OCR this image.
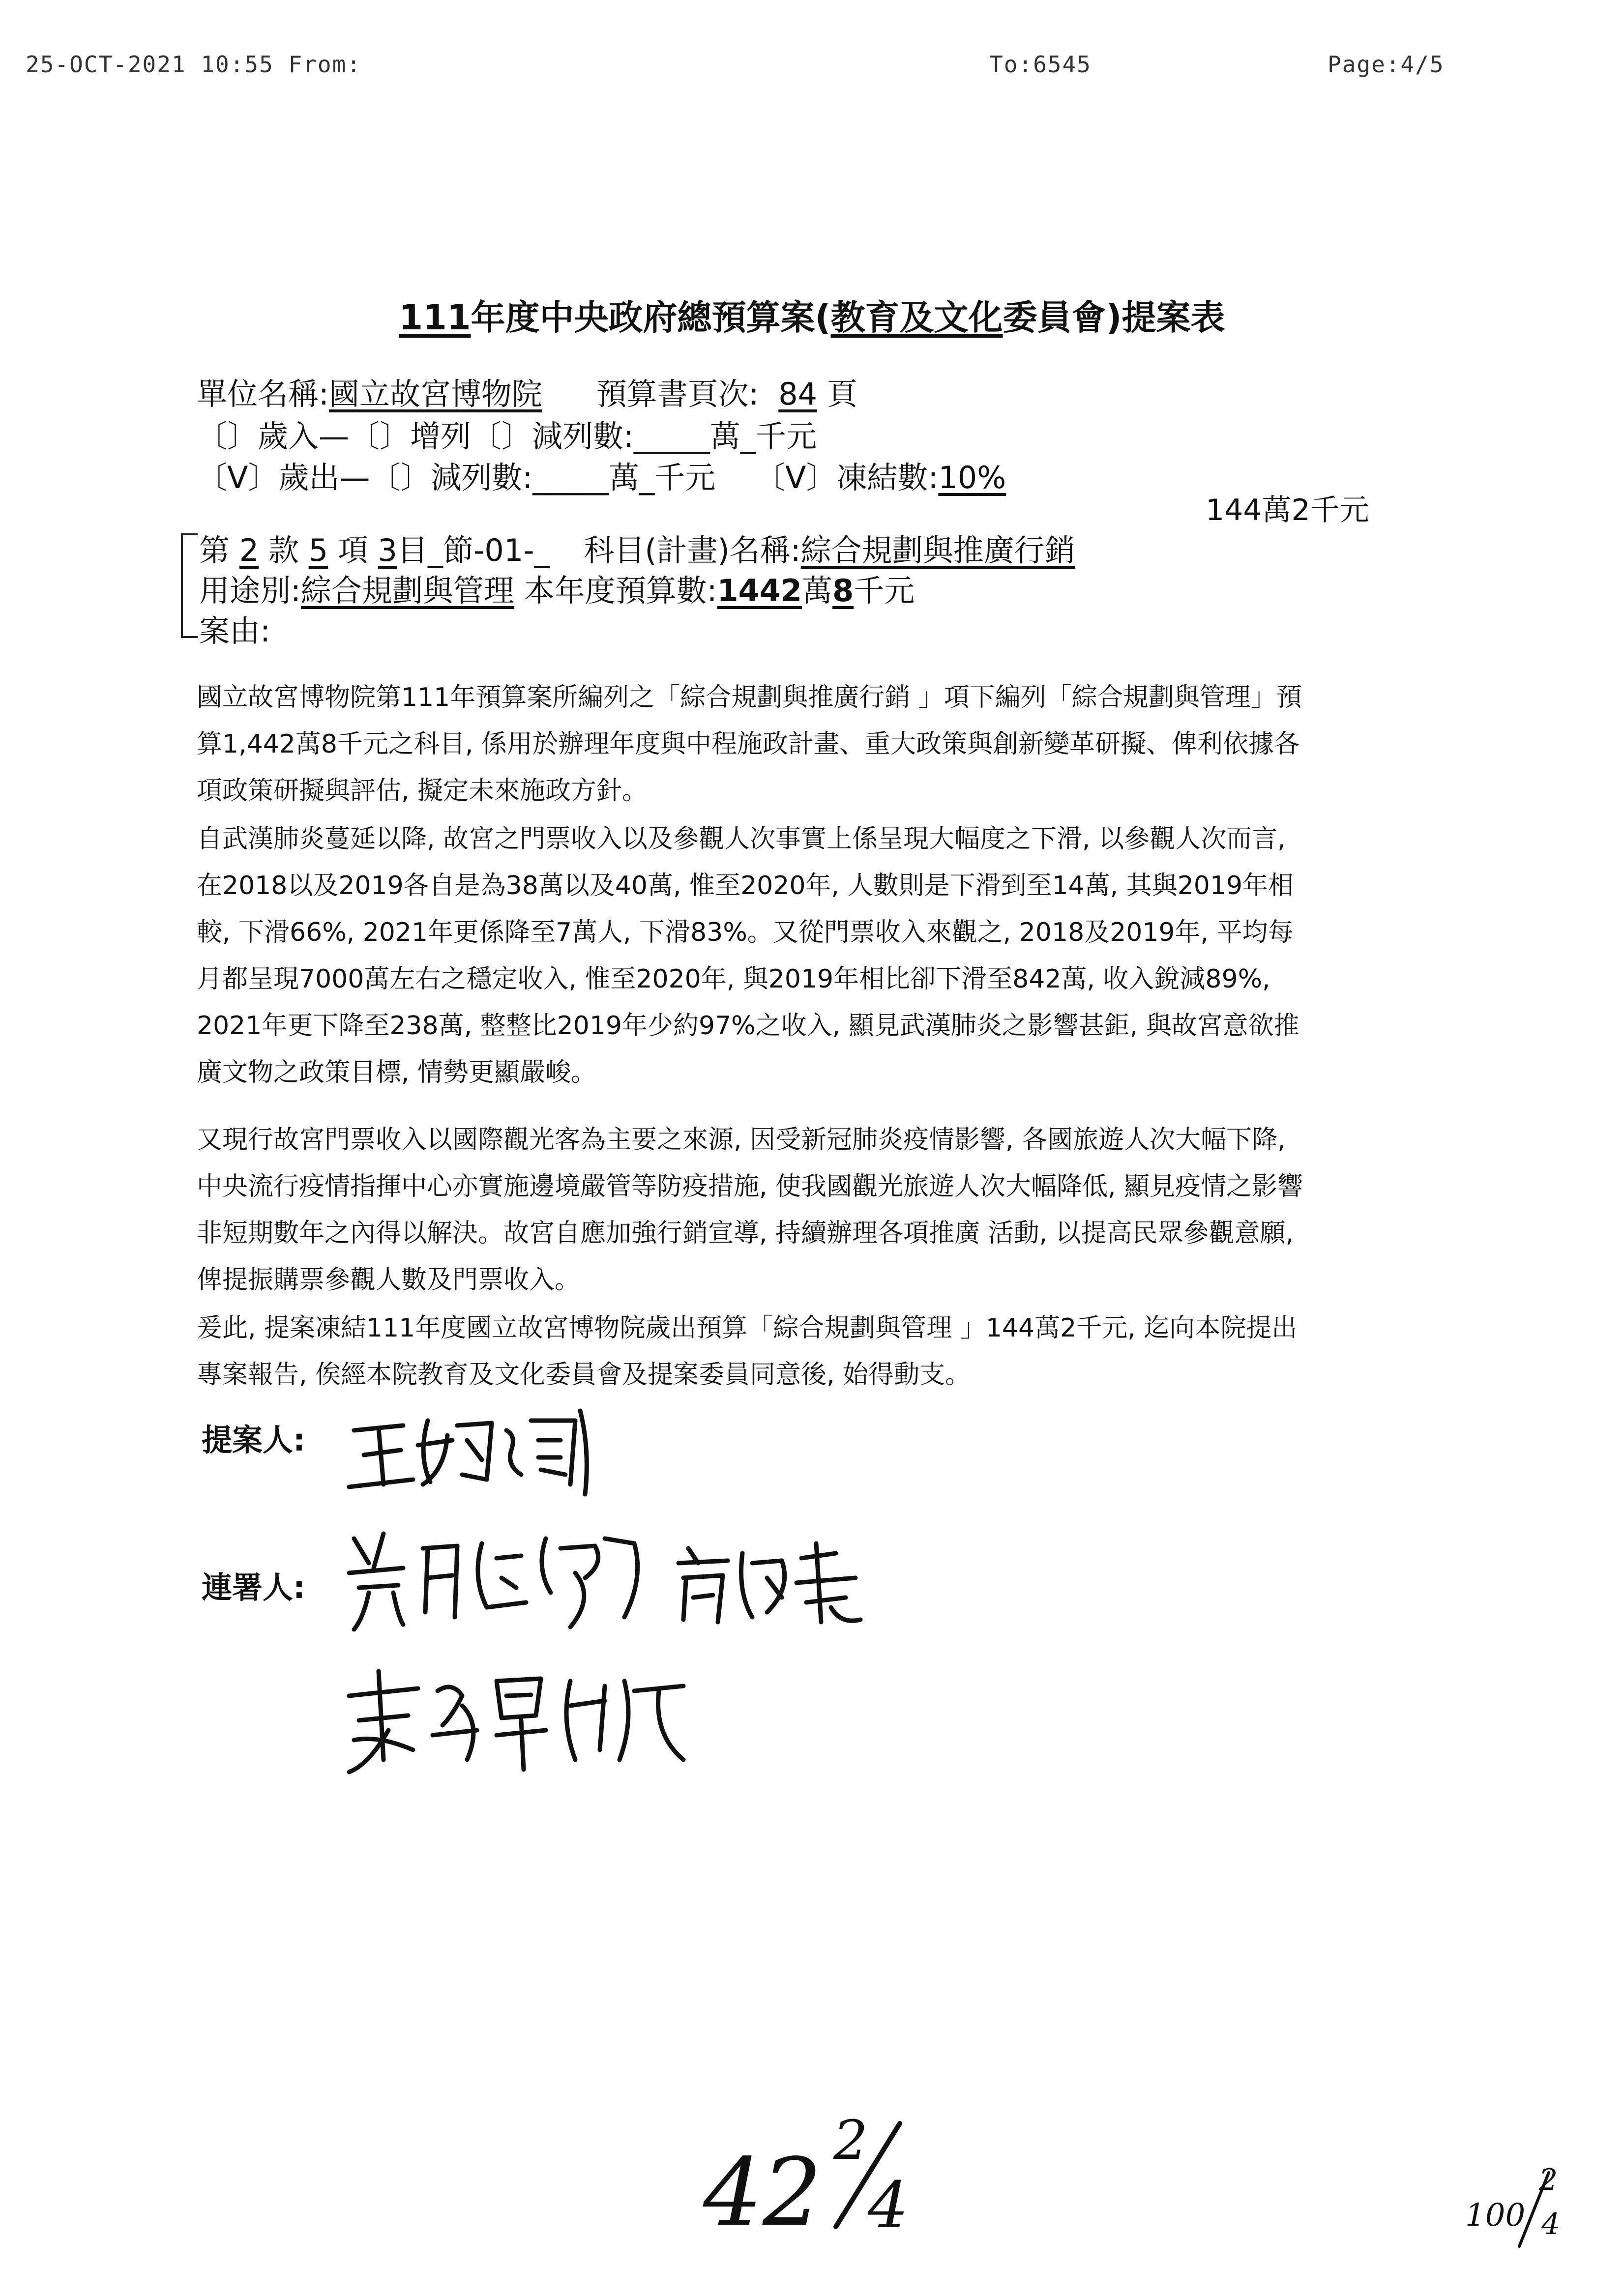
25-OCT-2021 10:55 From:	To:6545	Page:4/5
111年度中央政府總預算案(教育及文化委員會)提案表
單位名稱:國立故宮博物院 預算書頁次: 84 頁
〔〕歲入—〔〕增列〔〕減列數:_____萬_千元
〔V〕歲出—〔〕減列數:_____萬_千元 〔V〕凍結數:10%
144萬2千元
第 2 款 5 項 3目_節-01-_ 科目(計畫)名稱:綜合規劃與推廣行銷
用途別:綜合規劃與管理 本年度預算數:1442萬8千元
案由:
國立故宮博物院第111年預算案所編列之「綜合規劃與推廣行銷 」項下編列「綜合規劃與管理」預算1,442萬8千元之科目, 係用於辦理年度與中程施政計畫、重大政策與創新變革研擬、俾利依據各項政策研擬與評估, 擬定未來施政方針。
自武漢肺炎蔓延以降, 故宮之門票收入以及參觀人次事實上係呈現大幅度之下滑, 以參觀人次而言, 在2018以及2019各自是為38萬以及40萬, 惟至2020年, 人數則是下滑到至14萬, 其與2019年相較, 下滑66%, 2021年更係降至7萬人, 下滑83%。又從門票收入來觀之, 2018及2019年, 平均每月都呈現7000萬左右之穩定收入, 惟至2020年, 與2019年相比卻下滑至842萬, 收入銳減89%, 2021年更下降至238萬, 整整比2019年少約97%之收入, 顯見武漢肺炎之影響甚鉅, 與故宮意欲推廣文物之政策目標, 情勢更顯嚴峻。
又現行故宮門票收入以國際觀光客為主要之來源, 因受新冠肺炎疫情影響, 各國旅遊人次大幅下降, 中央流行疫情指揮中心亦實施邊境嚴管等防疫措施, 使我國觀光旅遊人次大幅降低, 顯見疫情之影響非短期數年之內得以解決。故宮自應加強行銷宣導, 持續辦理各項推廣 活動, 以提高民眾參觀意願, 俾提振購票參觀人數及門票收入。
爰此, 提案凍結111年度國立故宮博物院歲出預算「綜合規劃與管理 」144萬2千元, 迄向本院提出專案報告, 俟經本院教育及文化委員會及提案委員同意後, 始得動支。
提案人:
連署人:
42 2
4	100
2
4
